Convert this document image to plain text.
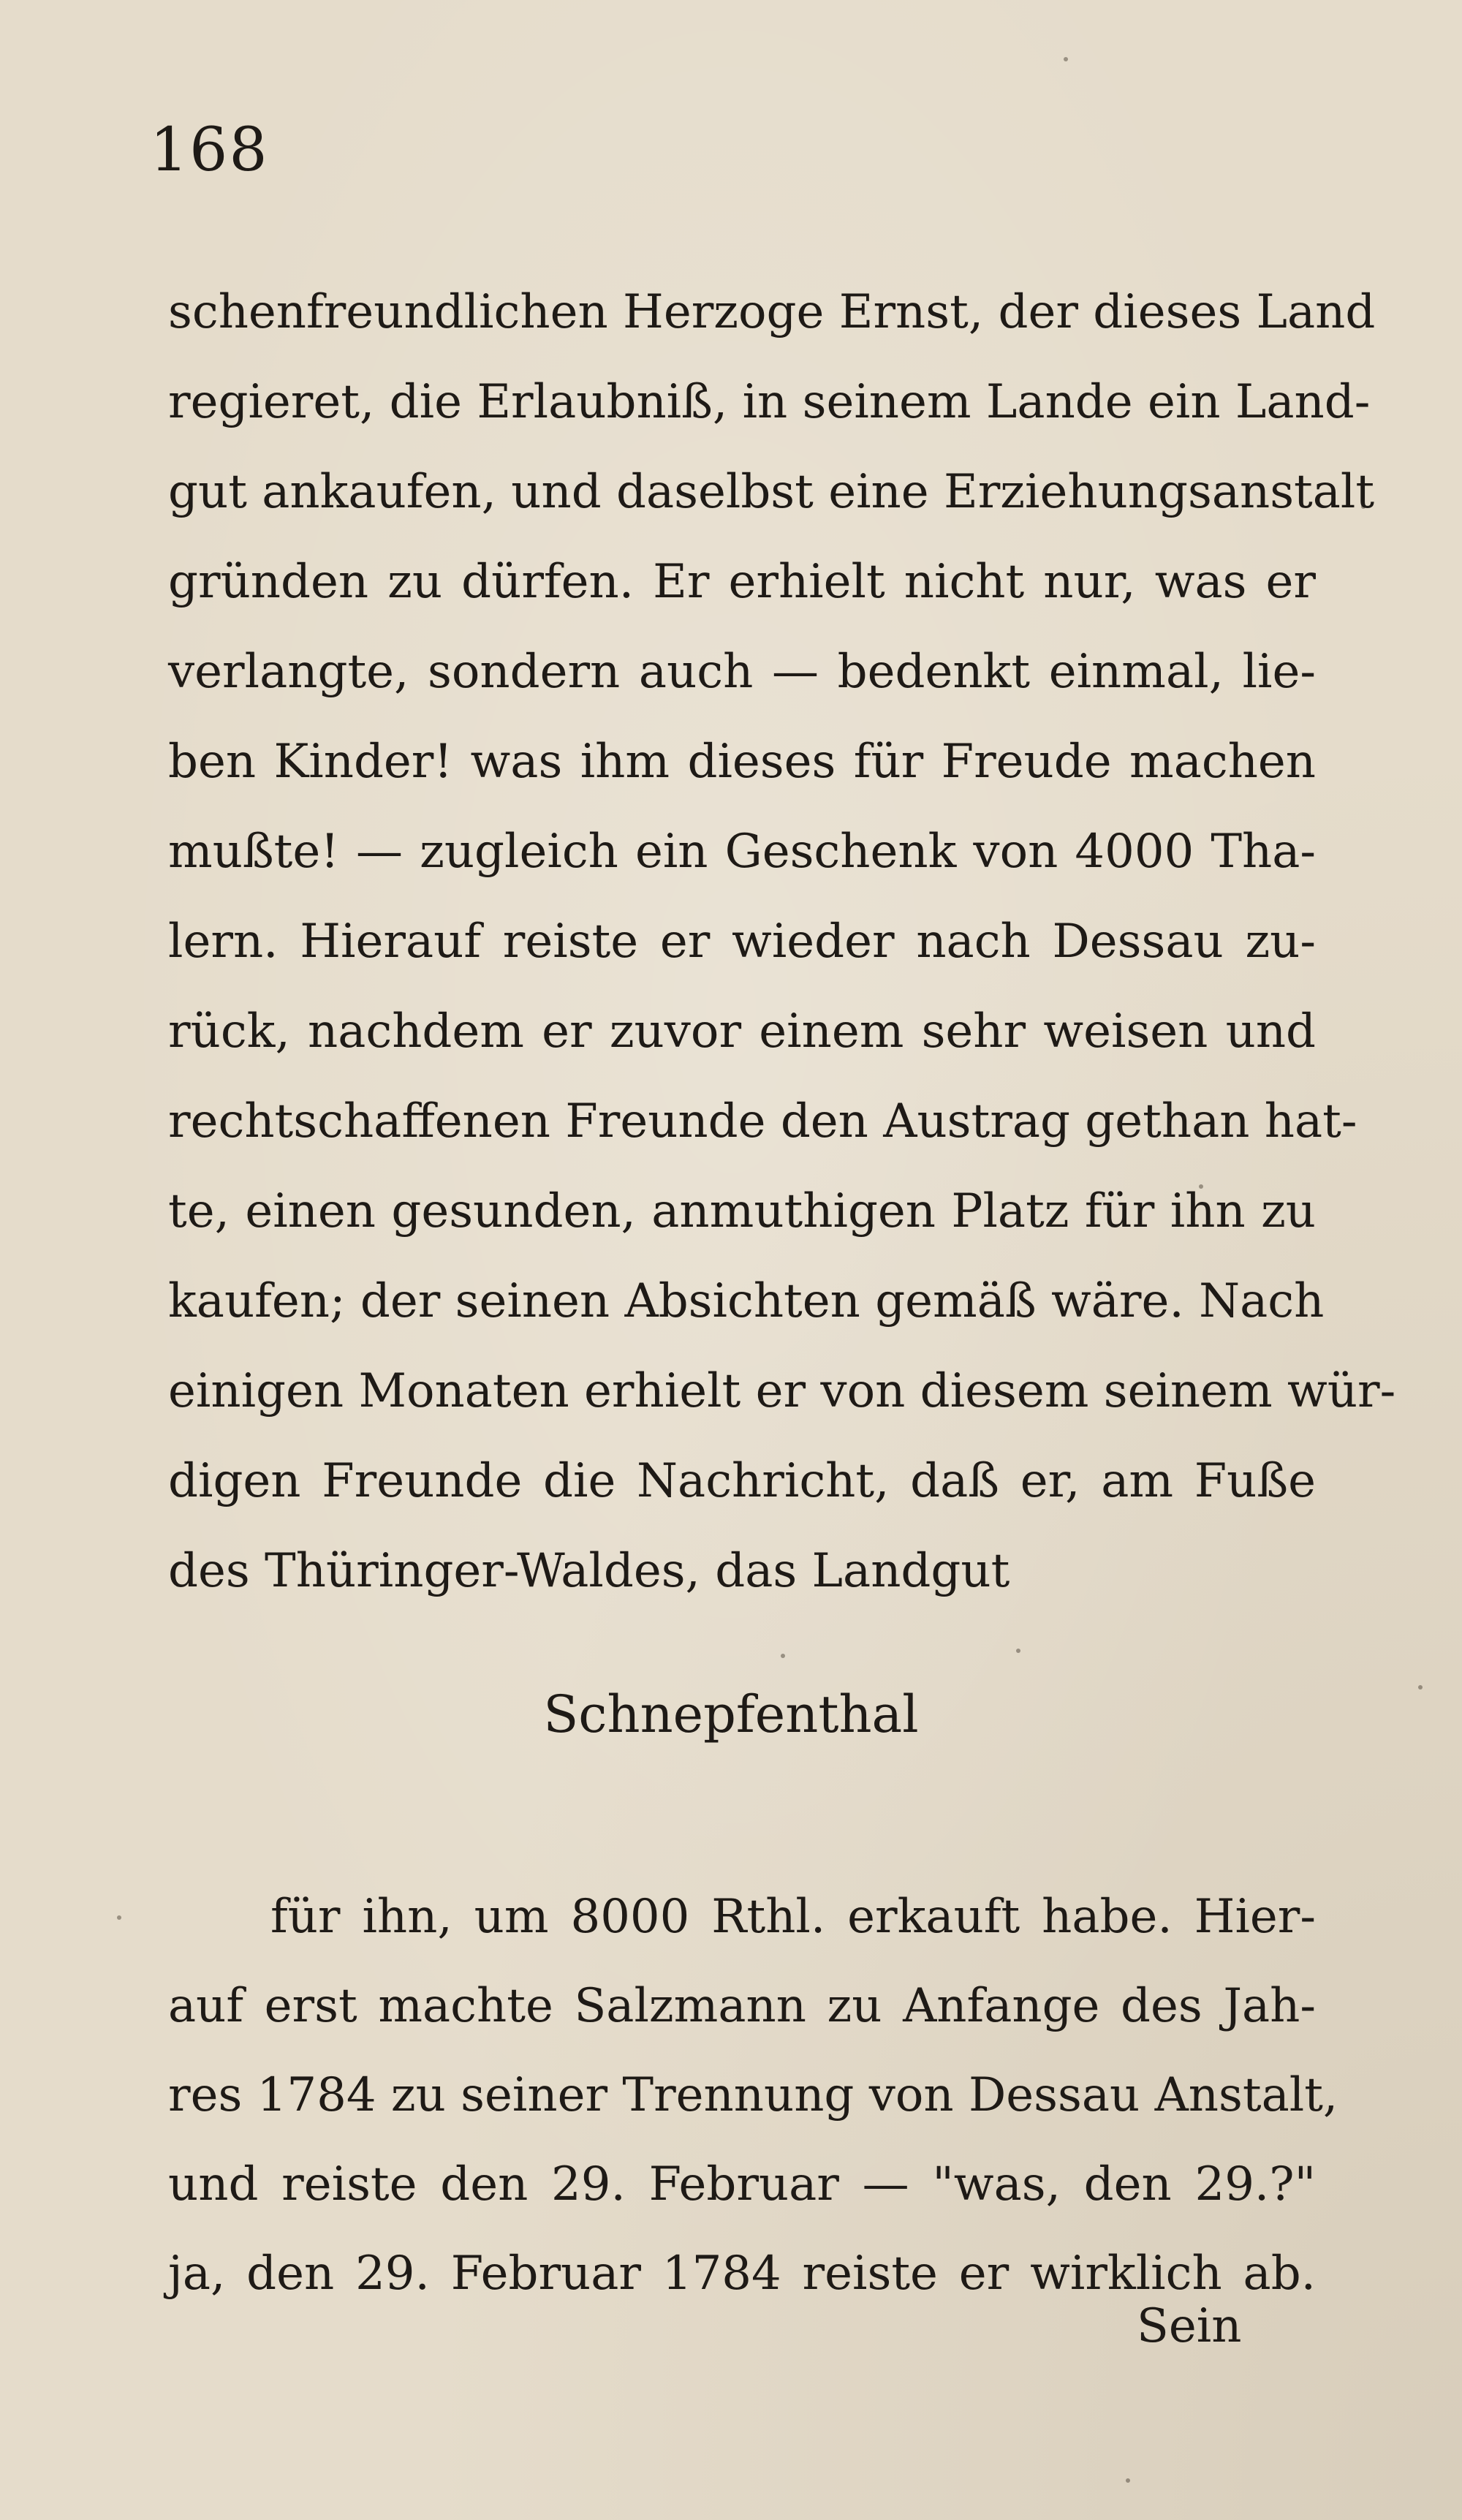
168
schenfreundlichen Herzoge Ernst, der dieses Land
regieret, die Erlaubniß, in seinem Lande ein Land-
gut ankaufen, und daselbst eine Erziehungsanstalt
gründen zu dürfen. Er erhielt nicht nur, was er
verlangte, sondern auch — bedenkt einmal, lie-
ben Kinder! was ihm dieses für Freude machen
mußte! — zugleich ein Geschenk von 4000 Tha-
lern. Hierauf reiste er wieder nach Dessau zu-
rück, nachdem er zuvor einem sehr weisen und
rechtschaffenen Freunde den Austrag gethan hat-
te, einen gesunden, anmuthigen Platz für ihn zu
kaufen; der seinen Absichten gemäß wäre. Nach
einigen Monaten erhielt er von diesem seinem wür-
digen Freunde die Nachricht, daß er, am Fuße
des Thüringer-Waldes, das Landgut
Schnepfenthal
für ihn, um 8000 Rthl. erkauft habe. Hier-
auf erst machte Salzmann zu Anfange des Jah-
res 1784 zu seiner Trennung von Dessau Anstalt,
und reiste den 29. Februar — "was, den 29.?"
ja, den 29. Februar 1784 reiste er wirklich ab.
Sein
